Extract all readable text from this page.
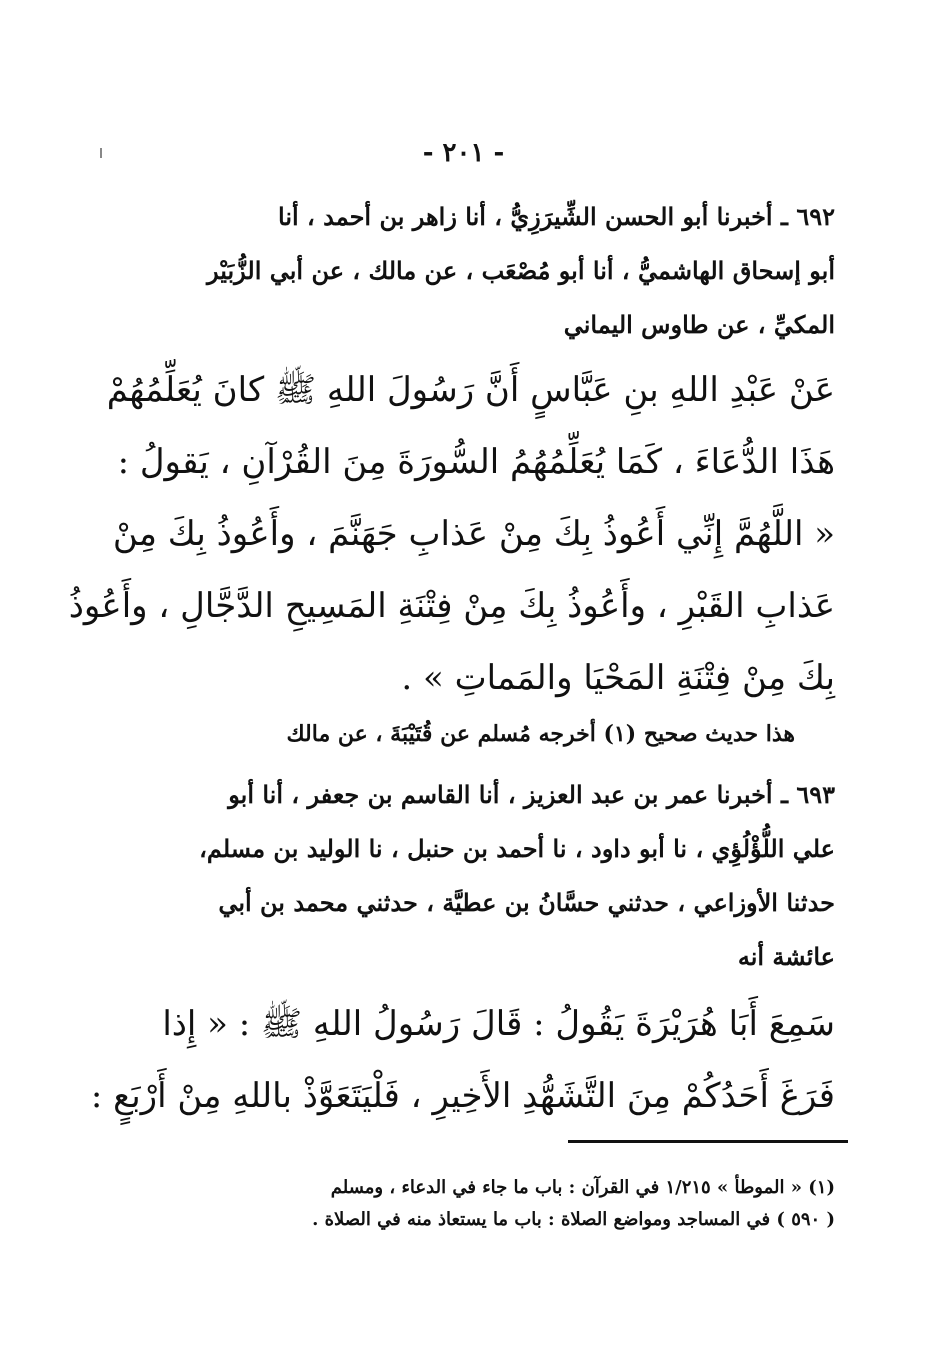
- ٢٠١ -
٦٩٢ ـ أخبرنا أبو الحسن الشِّيرَزِيُّ ، أنا زاهر بن أحمد ، أنا
أبو إسحاق الهاشميُّ ، أنا أبو مُصْعَب ، عن مالك ، عن أبي الزُّبَيْر
المكيِّ ، عن طاوس اليماني
عَنْ عَبْدِ اللهِ بنِ عَبَّاسٍ أَنَّ رَسُولَ اللهِ ﷺ كانَ يُعَلِّمُهُمْ
هَذَا الدُّعَاءَ ، كَمَا يُعَلِّمُهُمُ السُّورَةَ مِنَ القُرْآنِ ، يَقولُ :
« اللَّهُمَّ إِنِّي أَعُوذُ بِكَ مِنْ عَذابِ جَهَنَّمَ ، وأَعُوذُ بِكَ مِنْ
عَذابِ القَبْرِ ، وأَعُوذُ بِكَ مِنْ فِتْنَةِ المَسِيحِ الدَّجَّالِ ، وأَعُوذُ
بِكَ مِنْ فِتْنَةِ المَحْيَا والمَماتِ » .
هذا حديث صحيح (١) أخرجه مُسلم عن قُتَيْبَةَ ، عن مالك
٦٩٣ ـ أخبرنا عمر بن عبد العزيز ، أنا القاسم بن جعفر ، أنا أبو
علي اللُّؤْلُؤِي ، نا أبو داود ، نا أحمد بن حنبل ، نا الوليد بن مسلم،
حدثنا الأوزاعي ، حدثني حسَّانُ بن عطيَّة ، حدثني محمد بن أبي
عائشة أنه
سَمِعَ أَبَا هُرَيْرَةَ يَقُولُ : قَالَ رَسُولُ اللهِ ﷺ : « إِذا
فَرَغَ أَحَدُكُمْ مِنَ التَّشَهُّدِ الأَخِيرِ ، فَلْيَتَعَوَّذْ باللهِ مِنْ أَرْبَعٍ :
(١) « الموطأ » ١/٢١٥ في القرآن : باب ما جاء في الدعاء ، ومسلم
( ٥٩٠ ) في المساجد ومواضع الصلاة : باب ما يستعاذ منه في الصلاة .
